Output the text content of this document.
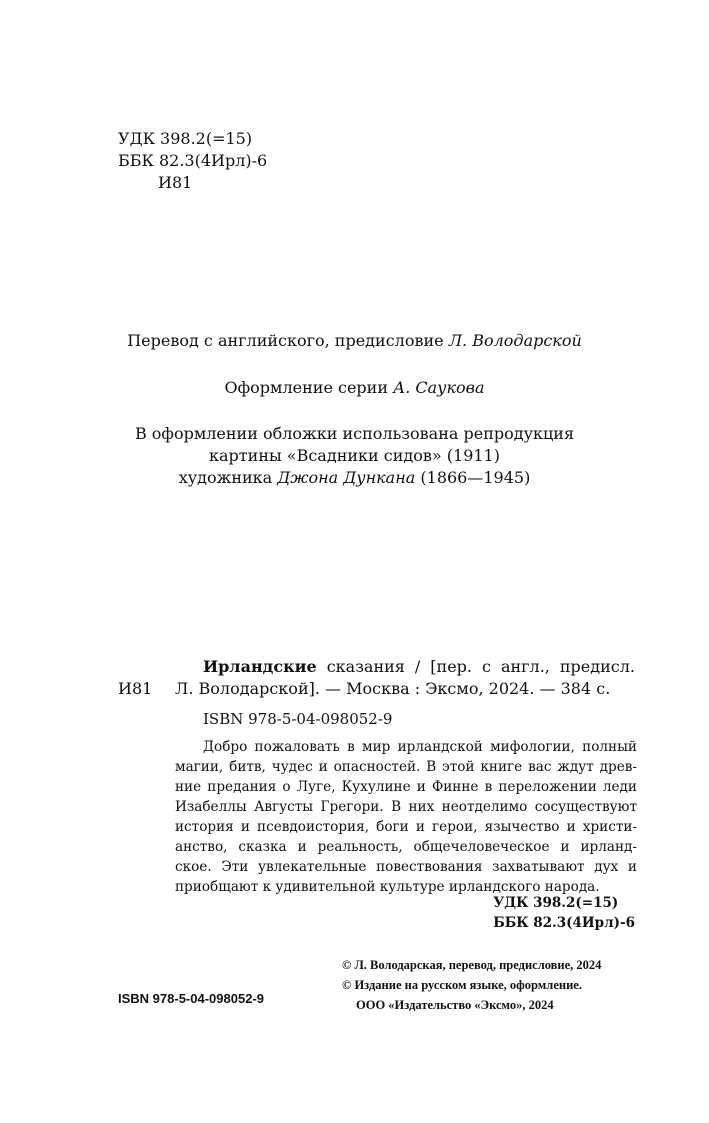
УДК 398.2(=15)
ББК 82.3(4Ирл)-6
И81
Перевод с английского, предисловие Л. Володарской
Оформление серии А. Саукова
В оформлении обложки использована репродукция
картины «Всадники сидов» (1911)
художника Джона Дункана (1866—1945)
И81
Ирландские сказания / [пер. с англ., предисл.
Л. Володарской]. — Москва : Эксмо, 2024. — 384 с.
ISBN 978-5-04-098052-9
Добро пожаловать в мир ирландской мифологии, полный
магии, битв, чудес и опасностей. В этой книге вас ждут древ-
ние предания о Луге, Кухулине и Финне в переложении леди
Изабеллы Августы Грегори. В них неотделимо сосуществуют
история и псевдоистория, боги и герои, язычество и христи-
анство, сказка и реальность, общечеловеческое и ирланд-
ское. Эти увлекательные повествования захватывают дух и
приобщают к удивительной культуре ирландского народа.
УДК 398.2(=15)
ББК 82.3(4Ирл)-6
© Л. Володарская, перевод, предисловие, 2024
© Издание на русском языке, оформление.
ООО «Издательство «Эксмо», 2024
ISBN 978-5-04-098052-9
